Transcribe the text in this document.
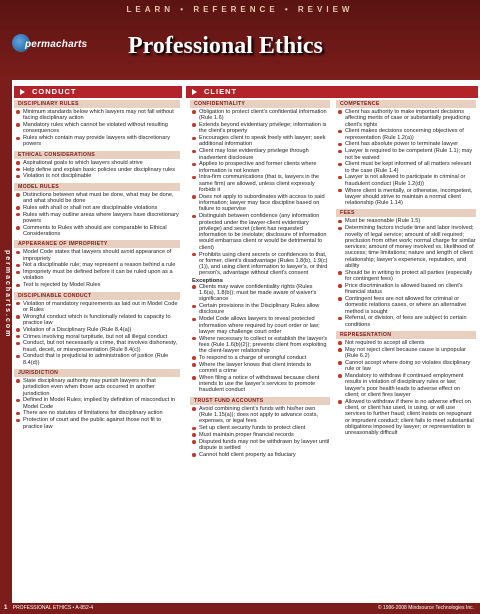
LEARN • REFERENCE • REVIEW
permacharts Professional Ethics
permacharts.com
CONDUCT	CLIENT
DISCIPLINARY RULES
Minimum standards below which lawyers may not fall without facing disciplinary action
Mandatory rules which cannot be violated without resulting consequences
Rules which contain may provide lawyers with discretionary powers
ETHICAL CONSIDERATIONS
Aspirational goals to which lawyers should strive
Help define and explain basic policies under disciplinary rules
Violation is not disciplinable
MODEL RULES
Distinctions between what must be done, what may be done, and what should be done
Rules with shall or shall not are disciplinable violations
Rules with may outline areas where lawyers have discretionary powers
Comments to Rules with should are comparable to Ethical Considerations
APPEARANCE OF IMPROPRIETY
Model Code states that lawyers should avoid appearance of impropriety
Not a disciplinable rule; may represent a reason behind a rule
Impropriety must be defined before it can be ruled upon as a violation
Test is rejected by Model Rules
DISCIPLINABLE CONDUCT
Violation of mandatory requirements as laid out in Model Code or Rules
Wrongful conduct which is functionally related to capacity to practice law
Violation of a Disciplinary Rule (Rule 8.4(a))
Crimes involving moral turpitude, but not all illegal conduct
Conduct, but not necessarily a crime, that involves dishonesty, fraud, deceit, or misrepresentation (Rule 8.4(c))
Conduct that is prejudicial to administration of justice (Rule 8.4(d))
JURISDICTION
State disciplinary authority may punish lawyers in that jurisdiction even when those acts occurred in another jurisdiction
Defined in Model Rules; implied by definition of misconduct in Model Code
There are no statutes of limitations for disciplinary action
Protection of court and the public against those not fit to practice law
CONFIDENTIALITY
Obligation to protect client's confidential information (Rule 1.6)
Extends beyond evidentiary privilege; information is the client's property
Encourages client to speak freely with lawyer; seek additional information
Client may lose evidentiary privilege through inadvertent disclosure
Applies to prospective and former clients where information is not known
Intra-firm communications (that is, lawyers in the same firm) are allowed, unless client expressly forbids it
Does not apply to subordinates with access to said information; lawyer may face discipline based on failure to supervise
Distinguish between confidence (any information protected under the lawyer-client evidentiary privilege) and secret (client has requested information to be inviolate; disclosure of information would embarrass client or would be detrimental to client)
Prohibits using client secrets or confidences to that, or former, client's disadvantage (Rules 1.8(b), 1.9(c)(1)), and using client information to lawyer's, or third person's, advantage without client's consent
Exceptions
Clients may waive confidentiality rights (Rules 1.6(a), 1.8(b)); must be made aware of waiver's significance
Certain provisions in the Disciplinary Rules allow disclosure
Model Code allows lawyers to reveal protected information where required by court order or law; lawyer may challenge court order
Where necessary to collect or establish the lawyer's fees (Rule 1.6(b)(2)); prevents client from exploiting the client-lawyer relationship
To respond to a charge of wrongful conduct
Where the lawyer knows that client intends to commit a crime
When filing a notice of withdrawal because client intends to use the lawyer's services to promote fraudulent conduct
TRUST FUND ACCOUNTS
Avoid combining client's funds with his/her own (Rule 1.15(a)); does not apply to advance costs, expenses, or legal fees
Set up client security funds to protect client
Must maintain proper financial records
Disputed funds may not be withdrawn by lawyer until dispute is settled
Cannot hold client property as fiduciary
COMPETENCE
Client has authority to make important decisions affecting merits of case or substantially prejudicing client's rights
Client makes decisions concerning objectives of representation (Rule 1.2(a))
Client has absolute power to terminate lawyer
Lawyer is required to be competent (Rule 1.1); may not be waived
Client must be kept informed of all matters relevant to the case (Rule 1.4)
Lawyer is not allowed to participate in criminal or fraudulent conduct (Rule 1.2(d))
Where client is mentally, or otherwise, incompetent, lawyer should strive to maintain a normal client relationship (Rule 1.14)
FEES
Must be reasonable (Rule 1.5)
Determining factors include time and labor involved; novelty of legal service; amount of skill required; preclusion from other work; normal charge for similar services; amount of money involved vs. likelihood of success; time limitations; nature and length of client relationship; lawyer's experience, reputation, and ability
Should be in writing to protect all parties (especially for contingent fees)
Price discrimination is allowed based on client's financial status
Contingent fees are not allowed for criminal or domestic relations cases, or where an alternative method is sought
Referral, or division, of fees are subject to certain conditions
REPRESENTATION
Not required to accept all clients
May not reject client because cause is unpopular (Rule 6.2)
Cannot accept where doing so violates disciplinary rule or law
Mandatory to withdraw if continued employment results in violation of disciplinary rules or law; lawyer's poor health leads to adverse effect on client; or client fires lawyer
Allowed to withdraw if there is no adverse effect on client, or client has used, is using, or will use services to further fraud; client insists on repugnant or imprudent conduct; client fails to meet substantial obligations imposed by lawyer; or representation is unreasonably difficult
1 PROFESSIONAL ETHICS • A-852-4	© 1996-2008 Mindsource Technologies Inc.
